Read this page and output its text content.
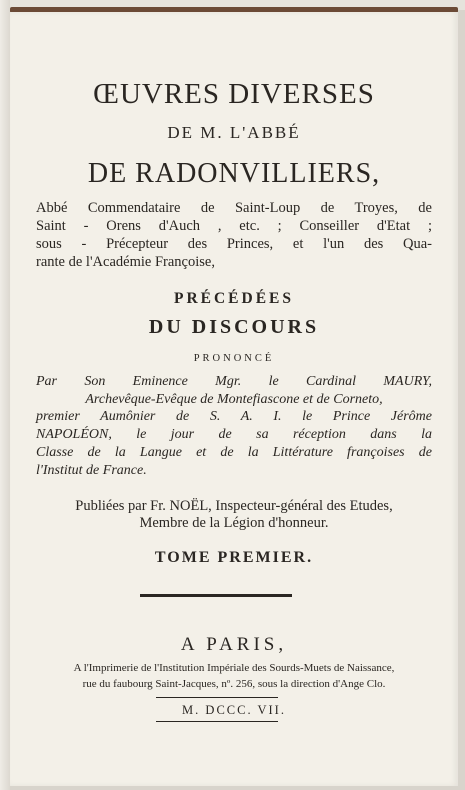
ŒUVRES DIVERSES
DE M. L'ABBÉ
DE RADONVILLIERS,
Abbé Commendataire de Saint-Loup de Troyes, de
Saint - Orens d'Auch , etc. ; Conseiller d'Etat ;
sous - Précepteur des Princes, et l'un des Qua-
rante de l'Académie Françoise,
PRÉCÉDÉES
DU DISCOURS
PRONONCÉ
Par Son Eminence Mgr. le Cardinal MAURY,
Archevêque-Evêque de Montefiascone et de Corneto,
premier Aumônier de S. A. I. le Prince Jérôme
NAPOLÉON, le jour de sa réception dans la
Classe de la Langue et de la Littérature françoises de
l'Institut de France.
Publiées par Fr. NOËL, Inspecteur-général des Etudes,
Membre de la Légion d'honneur.
TOME PREMIER.
A PARIS,
A l'Imprimerie de l'Institution Impériale des Sourds-Muets de Naissance,
rue du faubourg Saint-Jacques, nº. 256, sous la direction d'Ange Clo.
M. DCCC. VII.
